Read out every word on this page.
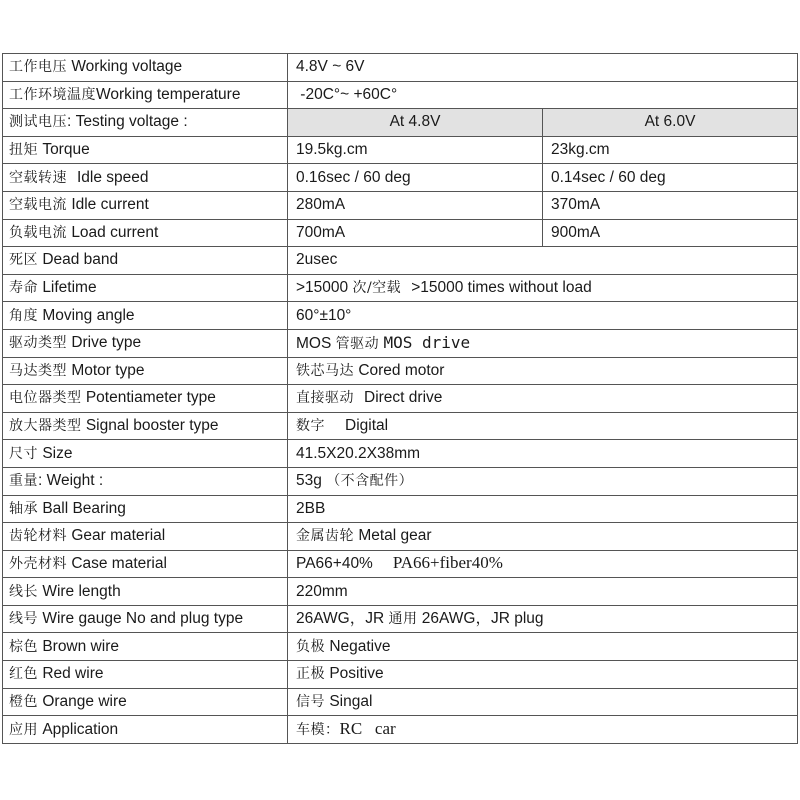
工作电压 Working voltage	4.8V ~ 6V	
工作环境温度Working temperature	-20C°~ +60C°	
测试电压: Testing voltage :	At 4.8V	At 6.0V
扭矩 Torque	19.5kg.cm	23kg.cm
空载转速 Idle speed	0.16sec / 60 deg	0.14sec / 60 deg
空载电流 Idle current	280mA	370mA
负载电流 Load current	700mA	900mA
死区 Dead band	2usec	
寿命 Lifetime	>15000 次/空载 >15000 times without load	
角度 Moving angle	60°±10°	
驱动类型 Drive type	MOS 管驱动 MOS drive	
马达类型 Motor type	铁芯马达 Cored motor	
电位器类型 Potentiameter type	直接驱动 Direct drive	
放大器类型 Signal booster type	数字 Digital	
尺寸 Size	41.5X20.2X38mm	
重量: Weight :	53g （不含配件）	
轴承 Ball Bearing	2BB	
齿轮材料 Gear material	金属齿轮 Metal gear	
外壳材料 Case material	PA66+40% PA66+fiber40%	
线长 Wire length	220mm	
线号 Wire gauge No and plug type	26AWG，JR 通用 26AWG，JR plug	
棕色 Brown wire	负极 Negative	
红色 Red wire	正极 Positive	
橙色 Orange wire	信号 Singal	
应用 Application	车模：RC   car	
